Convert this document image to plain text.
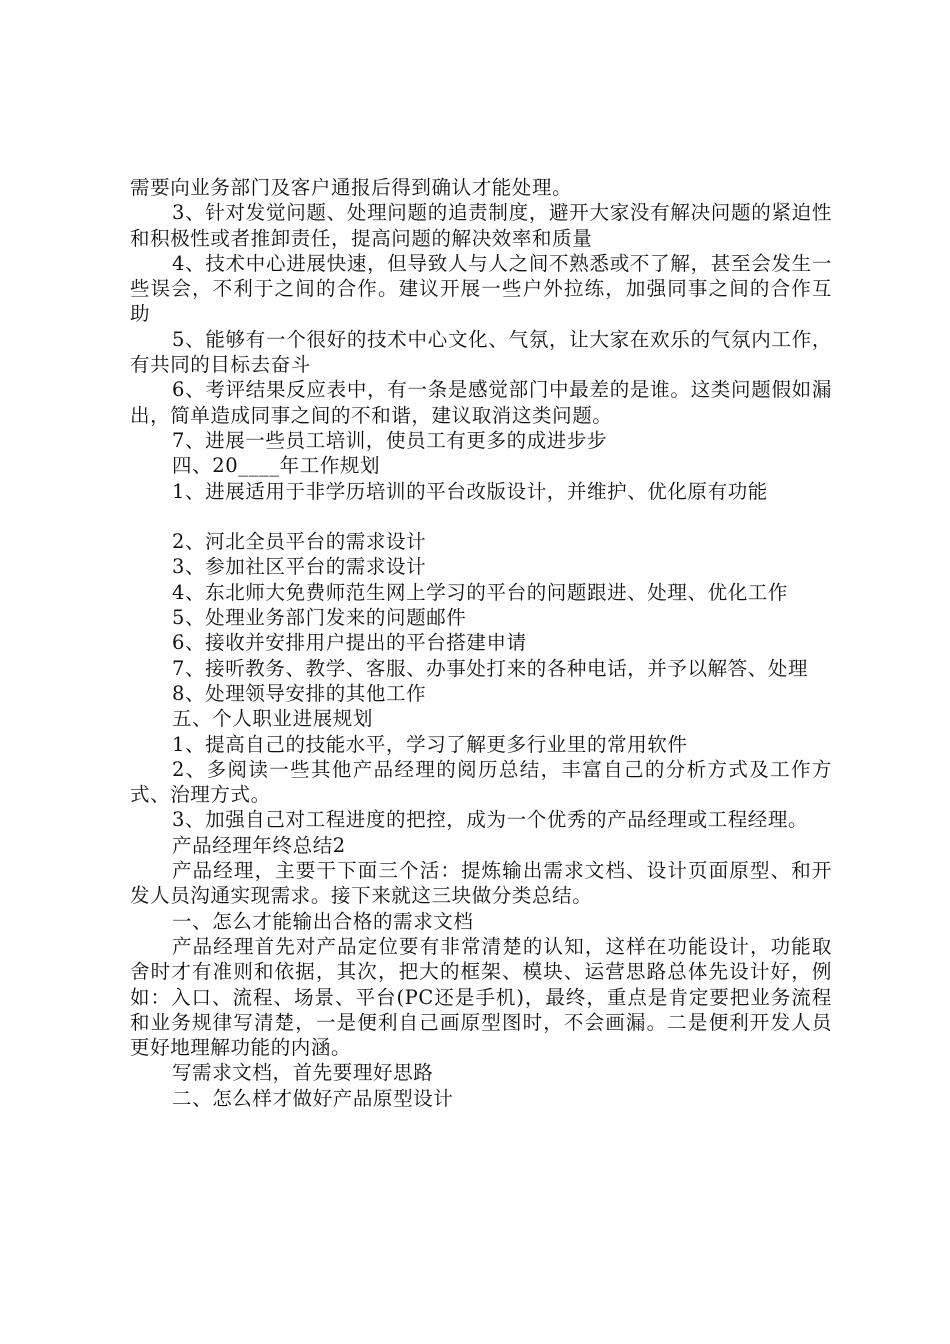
需要向业务部门及客户通报后得到确认才能处理。

3、针对发觉问题、处理问题的追责制度，避开大家没有解决问题的紧迫性和积极性或者推卸责任，提高问题的解决效率和质量

4、技术中心进展快速，但导致人与人之间不熟悉或不了解，甚至会发生一些误会，不利于之间的合作。建议开展一些户外拉练，加强同事之间的合作互助

5、能够有一个很好的技术中心文化、气氛，让大家在欢乐的气氛内工作，有共同的目标去奋斗

6、考评结果反应表中，有一条是感觉部门中最差的是谁。这类问题假如漏出，简单造成同事之间的不和谐，建议取消这类问题。

7、进展一些员工培训，使员工有更多的成进步步

四、20____年工作规划

1、进展适用于非学历培训的平台改版设计，并维护、优化原有功能

2、河北全员平台的需求设计

3、参加社区平台的需求设计

4、东北师大免费师范生网上学习的平台的问题跟进、处理、优化工作

5、处理业务部门发来的问题邮件

6、接收并安排用户提出的平台搭建申请

7、接听教务、教学、客服、办事处打来的各种电话，并予以解答、处理

8、处理领导安排的其他工作

五、个人职业进展规划

1、提高自己的技能水平，学习了解更多行业里的常用软件

2、多阅读一些其他产品经理的阅历总结，丰富自己的分析方式及工作方式、治理方式。

3、加强自己对工程进度的把控，成为一个优秀的产品经理或工程经理。

产品经理年终总结2

产品经理，主要干下面三个活：提炼输出需求文档、设计页面原型、和开发人员沟通实现需求。接下来就这三块做分类总结。

一、怎么才能输出合格的需求文档

产品经理首先对产品定位要有非常清楚的认知，这样在功能设计，功能取舍时才有准则和依据，其次，把大的框架、模块、运营思路总体先设计好，例如：入口、流程、场景、平台(PC还是手机)，最终，重点是肯定要把业务流程和业务规律写清楚，一是便利自己画原型图时，不会画漏。二是便利开发人员更好地理解功能的内涵。

写需求文档，首先要理好思路

二、怎么样才做好产品原型设计
